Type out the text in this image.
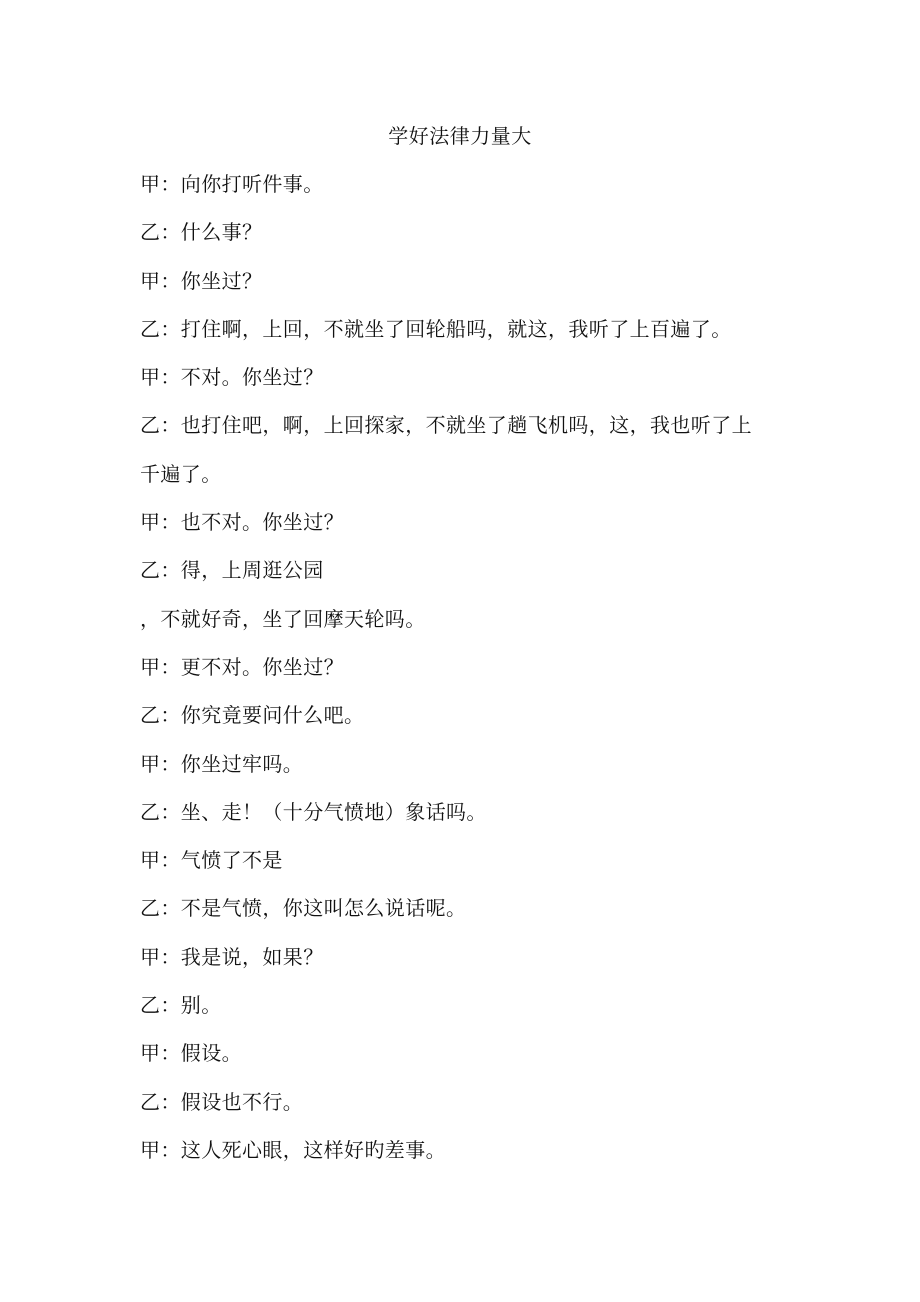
学好法律力量大
甲：向你打听件事。
乙：什么事？
甲：你坐过？
乙：打住啊，上回，不就坐了回轮船吗，就这，我听了上百遍了。
甲：不对。你坐过？
乙：也打住吧，啊，上回探家，不就坐了趟飞机吗，这，我也听了上
千遍了。
甲：也不对。你坐过？
乙：得，上周逛公园
，不就好奇，坐了回摩天轮吗。
甲：更不对。你坐过？
乙：你究竟要问什么吧。
甲：你坐过牢吗。
乙：坐、走！（十分气愤地）象话吗。
甲：气愤了不是
乙：不是气愤，你这叫怎么说话呢。
甲：我是说，如果？
乙：别。
甲：假设。
乙：假设也不行。
甲：这人死心眼，这样好旳差事。
